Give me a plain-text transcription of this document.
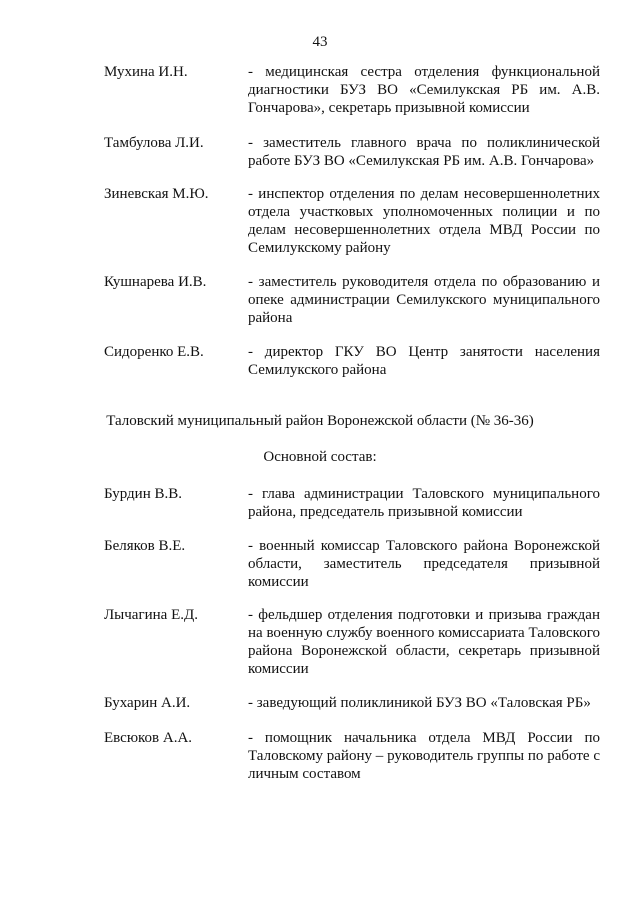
43
Мухина И.Н.	- медицинская сестра отделения функциональной диагностики БУЗ ВО «Семилукская РБ им. А.В. Гончарова», секретарь призывной комиссии
Тамбулова Л.И.	- заместитель главного врача по поликлинической работе БУЗ ВО «Семилукская РБ им. А.В. Гончарова»
Зиневская М.Ю.	- инспектор отделения по делам несовершеннолетних отдела участковых уполномоченных полиции и по делам несовершеннолетних отдела МВД России по Семилукскому району
Кушнарева И.В.	- заместитель руководителя отдела по образованию и опеке администрации Семилукского муниципального района
Сидоренко Е.В.	- директор ГКУ ВО Центр занятости населения Семилукского района
Таловский муниципальный район Воронежской области (№ 36-36)
Основной состав:
Бурдин В.В.	- глава администрации Таловского муниципального района, председатель призывной комиссии
Беляков В.Е.	- военный комиссар Таловского района Воронежской области, заместитель председателя призывной комиссии
Лычагина Е.Д.	- фельдшер отделения подготовки и призыва граждан на военную службу военного комиссариата Таловского района Воронежской области, секретарь призывной комиссии
Бухарин А.И.	- заведующий поликлиникой БУЗ ВО «Таловская РБ»
Евсюков А.А.	- помощник начальника отдела МВД России по Таловскому району – руководитель группы по работе с личным составом
